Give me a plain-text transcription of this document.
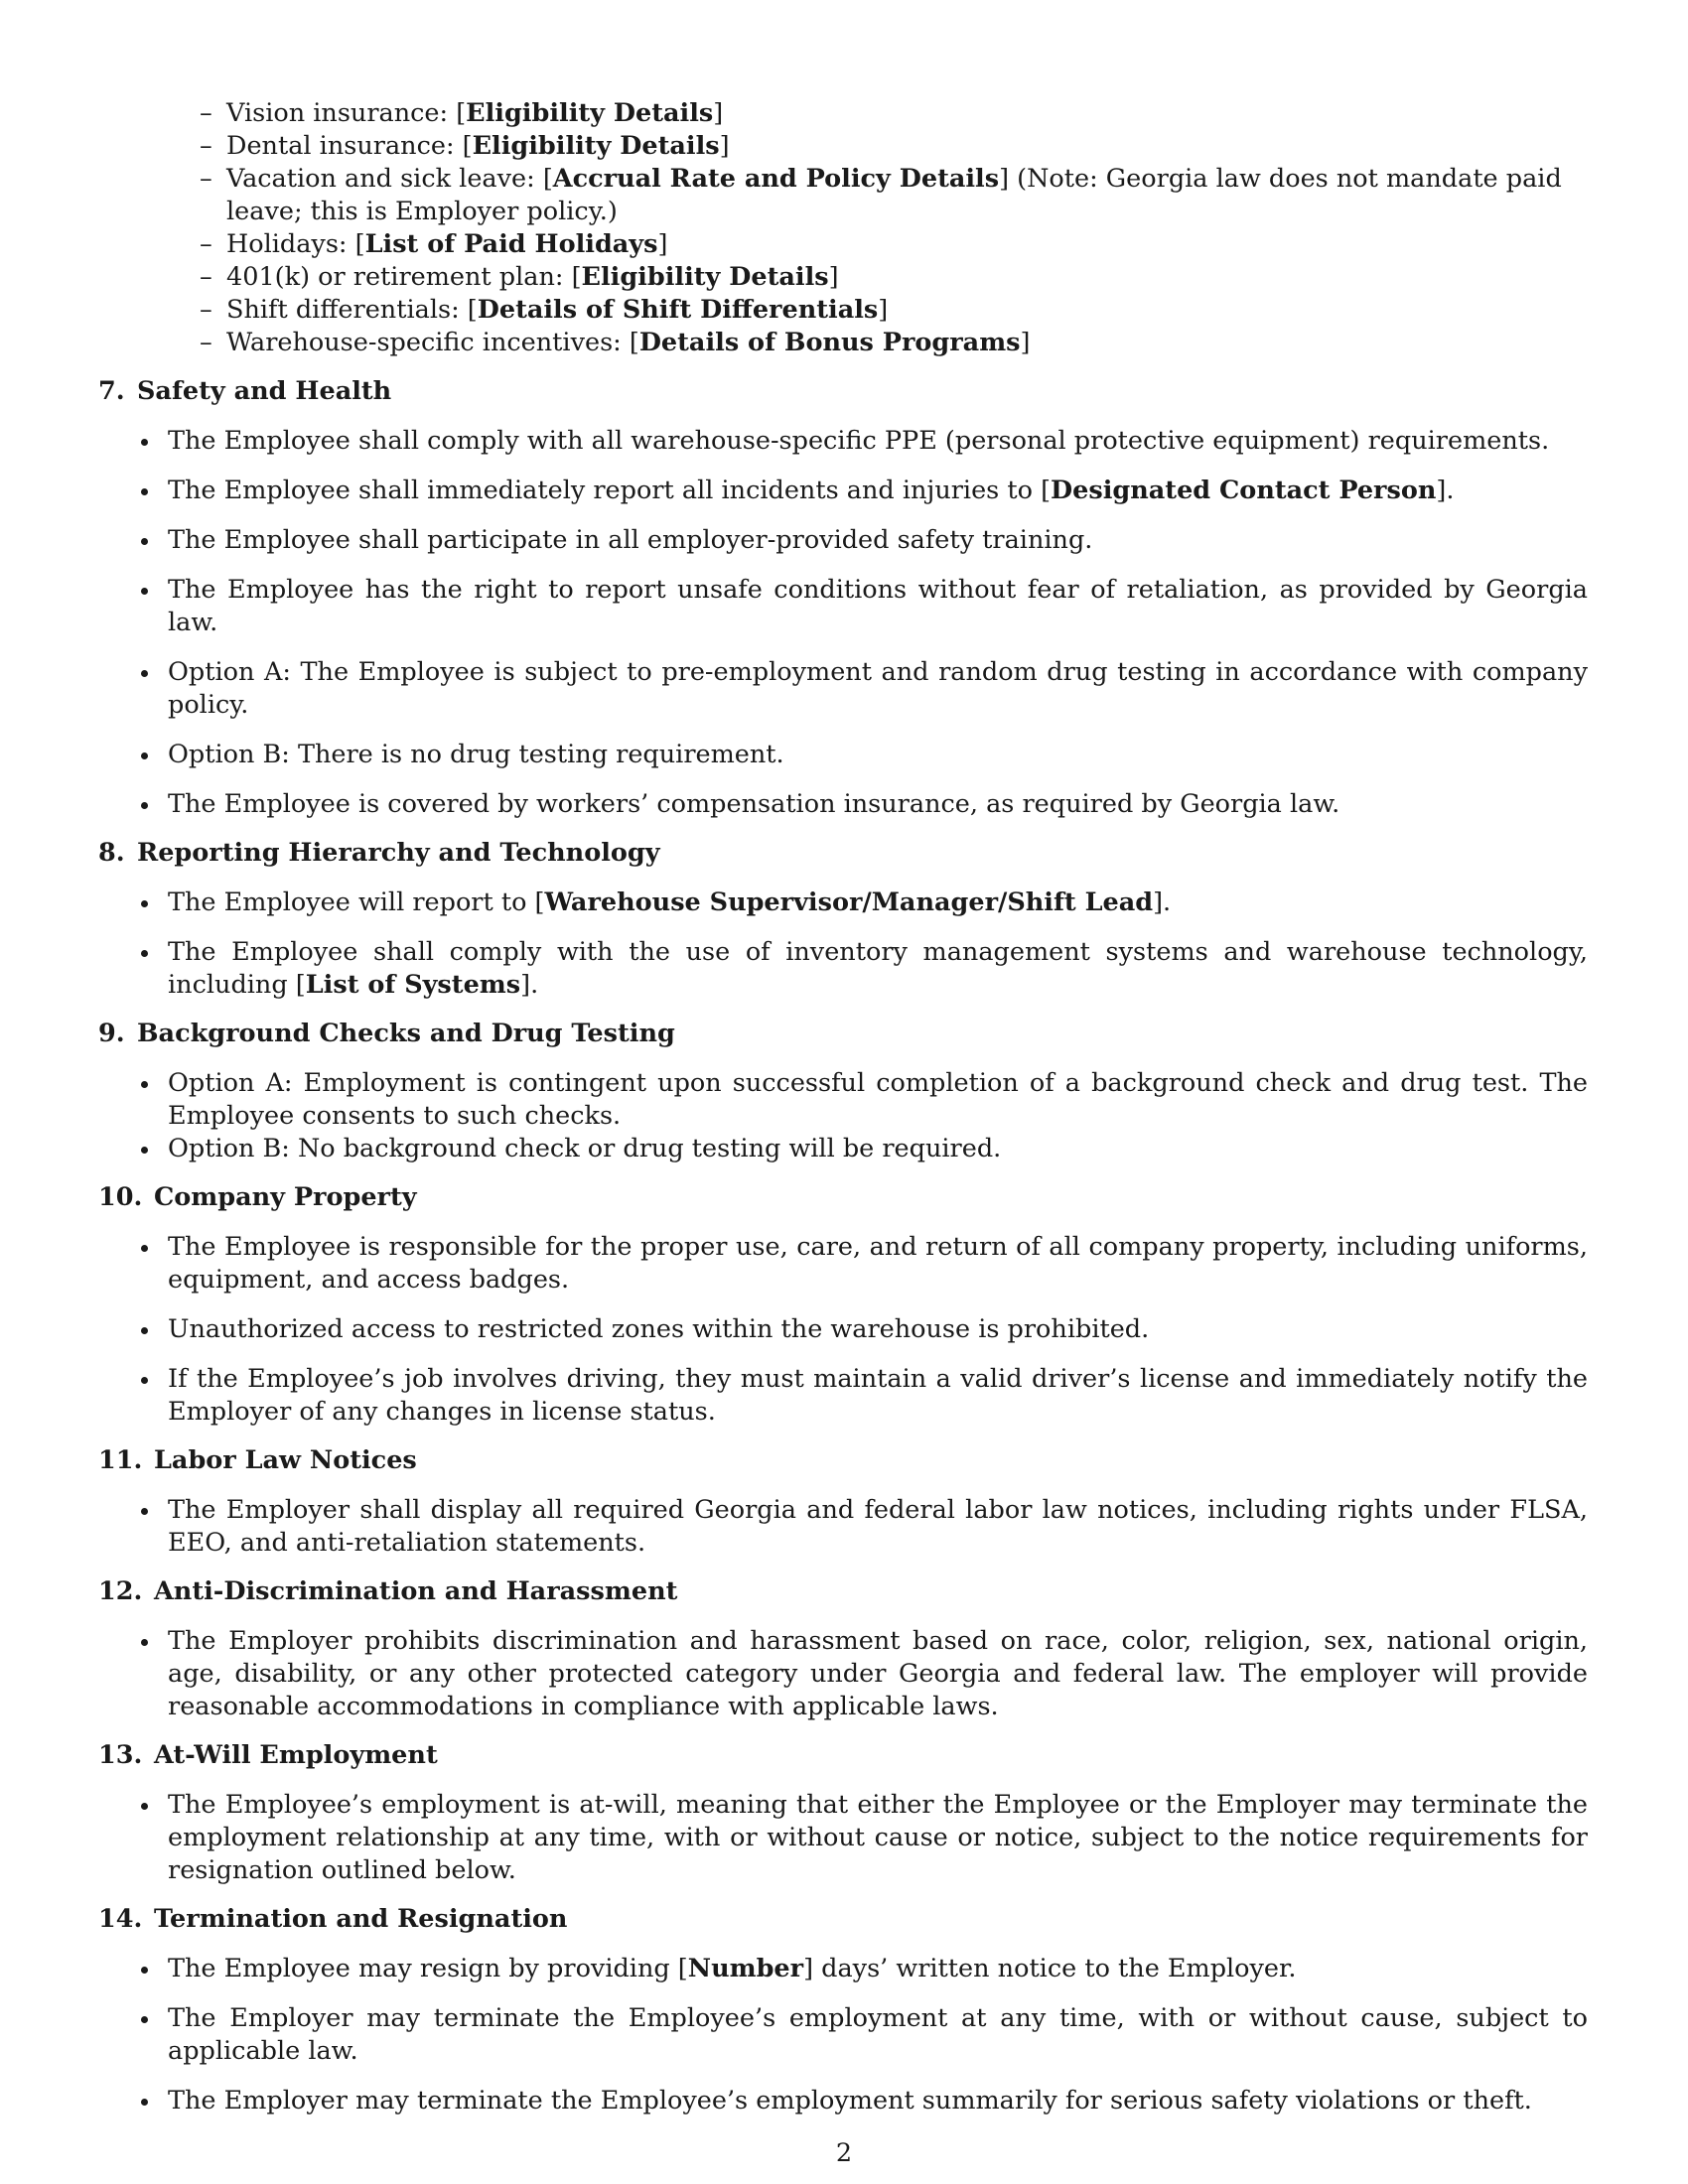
– Vision insurance: [Eligibility Details]
– Dental insurance: [Eligibility Details]
– Vacation and sick leave: [Accrual Rate and Policy Details] (Note: Georgia law does not mandate paid leave; this is Employer policy.)
– Holidays: [List of Paid Holidays]
– 401(k) or retirement plan: [Eligibility Details]
– Shift differentials: [Details of Shift Differentials]
– Warehouse-specific incentives: [Details of Bonus Programs]
7. Safety and Health
The Employee shall comply with all warehouse-specific PPE (personal protective equipment) requirements.
The Employee shall immediately report all incidents and injuries to [Designated Contact Person].
The Employee shall participate in all employer-provided safety training.
The Employee has the right to report unsafe conditions without fear of retaliation, as provided by Georgia law.
Option A: The Employee is subject to pre-employment and random drug testing in accordance with company policy.
Option B: There is no drug testing requirement.
The Employee is covered by workers’ compensation insurance, as required by Georgia law.
8. Reporting Hierarchy and Technology
The Employee will report to [Warehouse Supervisor/Manager/Shift Lead].
The Employee shall comply with the use of inventory management systems and warehouse technology, including [List of Systems].
9. Background Checks and Drug Testing
Option A: Employment is contingent upon successful completion of a background check and drug test. The Employee consents to such checks.
Option B: No background check or drug testing will be required.
10. Company Property
The Employee is responsible for the proper use, care, and return of all company property, including uniforms, equipment, and access badges.
Unauthorized access to restricted zones within the warehouse is prohibited.
If the Employee’s job involves driving, they must maintain a valid driver’s license and immediately notify the Employer of any changes in license status.
11. Labor Law Notices
The Employer shall display all required Georgia and federal labor law notices, including rights under FLSA, EEO, and anti-retaliation statements.
12. Anti-Discrimination and Harassment
The Employer prohibits discrimination and harassment based on race, color, religion, sex, national origin, age, disability, or any other protected category under Georgia and federal law. The employer will provide reasonable accommodations in compliance with applicable laws.
13. At-Will Employment
The Employee’s employment is at-will, meaning that either the Employee or the Employer may terminate the employment relationship at any time, with or without cause or notice, subject to the notice requirements for resignation outlined below.
14. Termination and Resignation
The Employee may resign by providing [Number] days’ written notice to the Employer.
The Employer may terminate the Employee’s employment at any time, with or without cause, subject to applicable law.
The Employer may terminate the Employee’s employment summarily for serious safety violations or theft.
2
